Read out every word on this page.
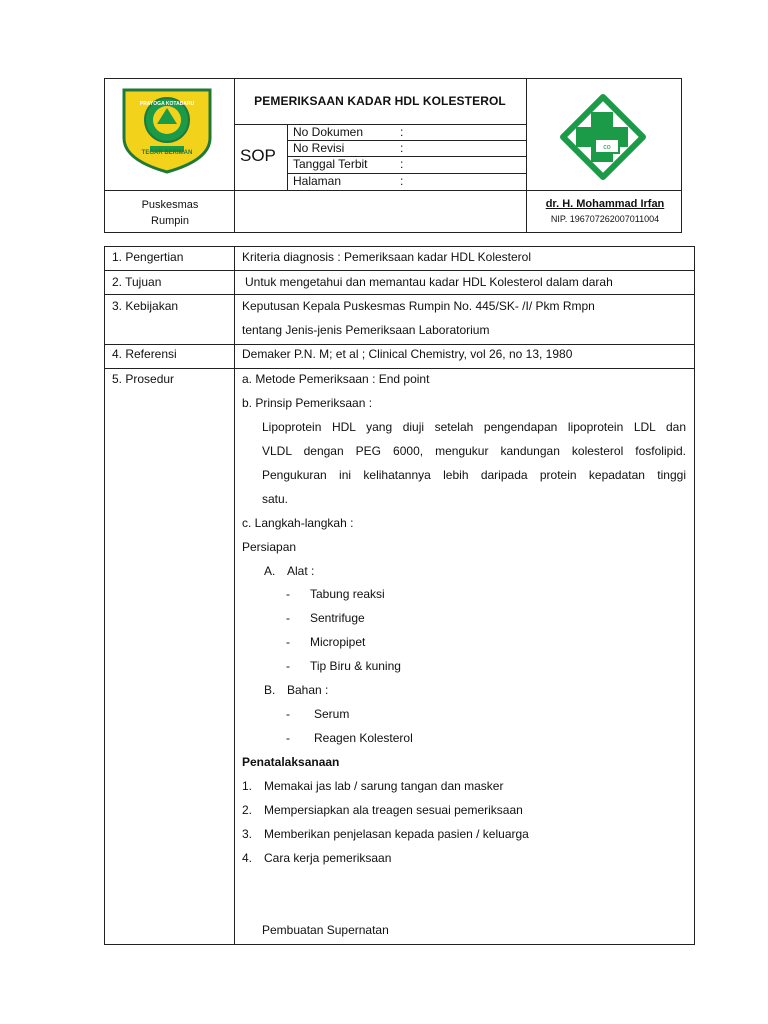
TEGAR BERIMAN
PRAYOGA KOTABARU	PEMERIKSAAN KADAR HDL KOLESTEROL
SOP
No Dokumen	:
No Revisi	:
Tanggal Terbit	:
Halaman	:
co
Puskesmas
Rumpin
dr. H. Mohammad Irfan
NIP. 196707262007011004
1. Pengertian	Kriteria diagnosis : Pemeriksaan kadar HDL Kolesterol
2. Tujuan	Untuk mengetahui dan memantau kadar HDL Kolesterol dalam darah
3. Kebijakan	Keputusan Kepala Puskesmas Rumpin No. 445/SK- /I/ Pkm Rmpn
tentang Jenis-jenis Pemeriksaan Laboratorium
4. Referensi	Demaker P.N. M; et al ; Clinical Chemistry, vol 26, no 13, 1980
5. Prosedur	a. Metode Pemeriksaan : End point
b. Prinsip Pemeriksaan :
Lipoprotein HDL yang diuji setelah pengendapan lipoprotein LDL dan
VLDL dengan PEG 6000, mengukur kandungan kolesterol fosfolipid.
Pengukuran ini kelihatannya lebih daripada protein kepadatan tinggi
satu.
c. Langkah-langkah :
Persiapan
A. Alat :
- Tabung reaksi
- Sentrifuge
- Micropipet
- Tip Biru & kuning
B. Bahan :
- Serum
- Reagen Kolesterol
Penatalaksanaan
1. Memakai jas lab / sarung tangan dan masker
2. Mempersiapkan ala treagen sesuai pemeriksaan
3. Memberikan penjelasan kepada pasien / keluarga
4. Cara kerja pemeriksaan
Pembuatan Supernatan
